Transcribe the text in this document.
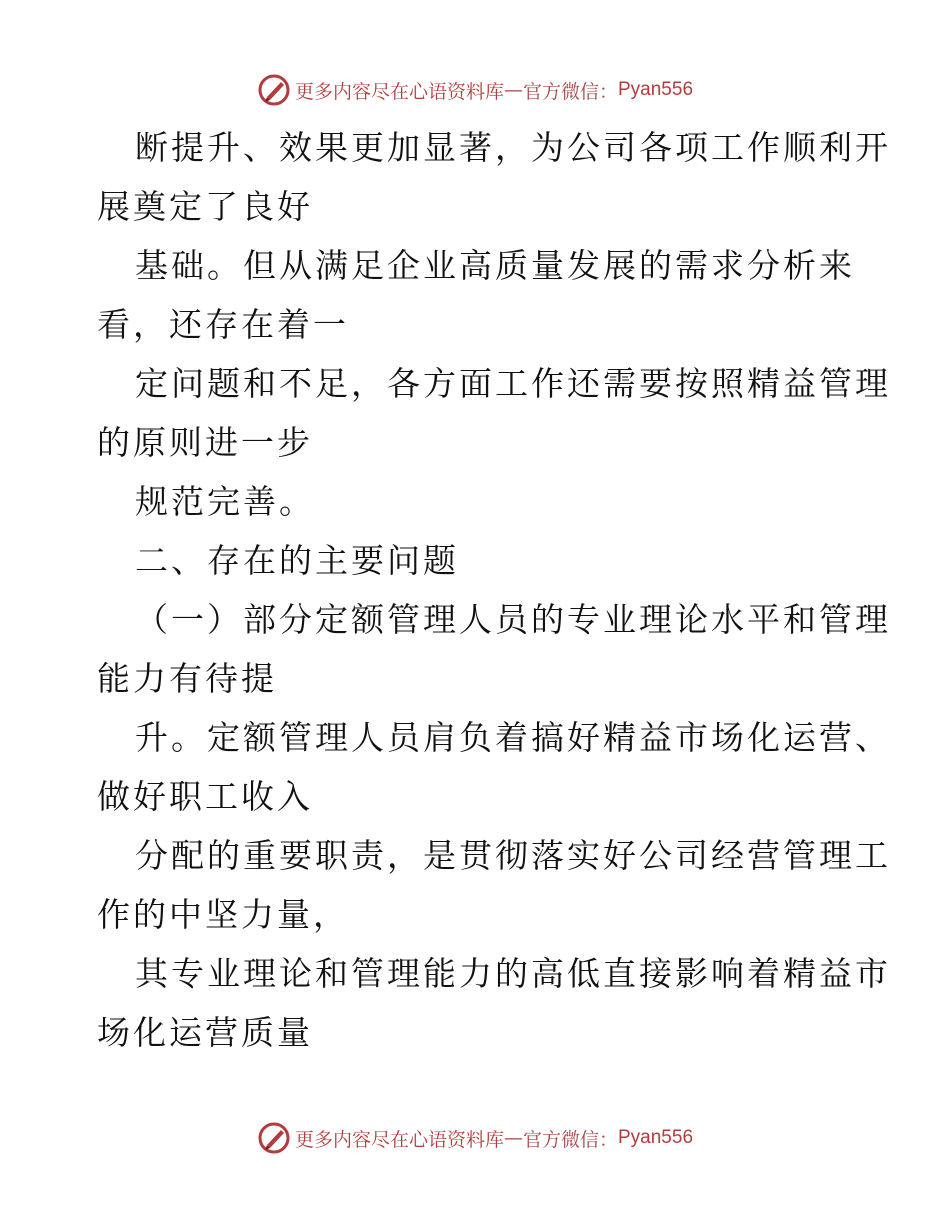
更多内容尽在心语资料库 — 官方微信： Pyan556

断提升、效果更加显著，为公司各项工作顺利开

展奠定了良好

基础。但从满足企业高质量发展的需求分析来

看，还存在着一

定问题和不足，各方面工作还需要按照精益管理

的原则进一步

规范完善。

二、存在的主要问题

（一）部分定额管理人员的专业理论水平和管理

能力有待提

升。定额管理人员肩负着搞好精益市场化运营、

做好职工收入

分配的重要职责，是贯彻落实好公司经营管理工

作的中坚力量，

其专业理论和管理能力的高低直接影响着精益市

场化运营质量

更多内容尽在心语资料库 — 官方微信： Pyan556
